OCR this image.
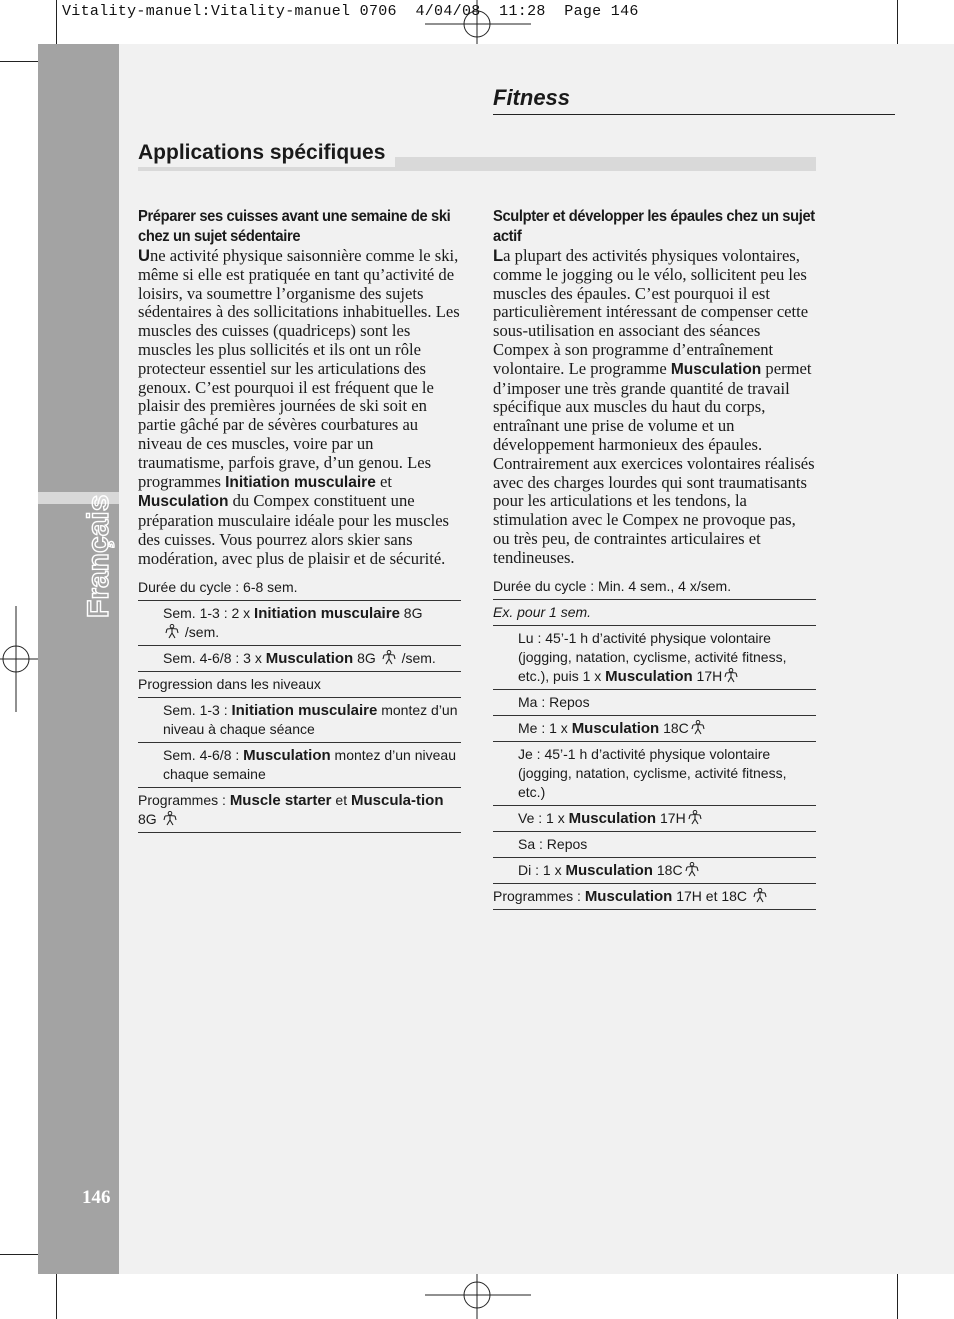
Vitality-manuel:Vitality-manuel 0706  4/04/08  11:28  Page 146
Français
146
Fitness
Applications spécifiques
Préparer ses cuisses avant une semaine de ski chez un sujet sédentaire
Une activité physique saisonnière comme le ski, même si elle est pratiquée en tant qu’activité de loisirs, va soumettre l’organisme des sujets sédentaires à des sollicitations inhabituelles. Les muscles des cuisses (quadriceps) sont les muscles les plus sollicités et ils ont un rôle protecteur essentiel sur les articulations des genoux. C’est pourquoi il est fréquent que le plaisir des premières journées de ski soit en partie gâché par de sévères courbatures au niveau de ces muscles, voire par un traumatisme, parfois grave, d’un genou. Les programmes Initiation musculaire et Musculation du Compex constituent une préparation musculaire idéale pour les muscles des cuisses. Vous pourrez alors skier sans modération, avec plus de plaisir et de sécurité.
Durée du cycle : 6-8 sem.
Sem. 1-3 : 2 x Initiation musculaire 8G
/sem.
Sem. 4-6/8 : 3 x Musculation 8G  /sem.
Progression dans les niveaux
Sem. 1-3 : Initiation musculaire montez d’un niveau à chaque séance
Sem. 4-6/8 : Musculation montez d’un niveau chaque semaine
Programmes : Muscle starter et Muscula-tion 8G
Sculpter et développer les épaules chez un sujet actif
La plupart des activités physiques volontaires, comme le jogging ou le vélo, sollicitent peu les muscles des épaules. C’est pourquoi il est particulièrement intéressant de compenser cette sous-utilisation en associant des séances Compex à son programme d’entraînement volontaire. Le programme Musculation permet d’imposer une très grande quantité de travail spécifique aux muscles du haut du corps, entraînant une prise de volume et un développement harmonieux des épaules. Contrairement aux exercices volontaires réalisés avec des charges lourdes qui sont traumatisants pour les articulations et les tendons, la stimulation avec le Compex ne provoque pas, ou très peu, de contraintes articulaires et tendineuses.
Durée du cycle : Min. 4 sem., 4 x/sem.
Ex. pour 1 sem.
Lu : 45’-1 h d’activité physique volontaire (jogging, natation, cyclisme, activité fitness, etc.), puis 1 x Musculation 17H
Ma : Repos
Me : 1 x Musculation 18C
Je : 45’-1 h d’activité physique volontaire (jogging, natation, cyclisme, activité fitness, etc.)
Ve : 1 x Musculation 17H
Sa : Repos
Di : 1 x Musculation 18C
Programmes : Musculation 17H et 18C
